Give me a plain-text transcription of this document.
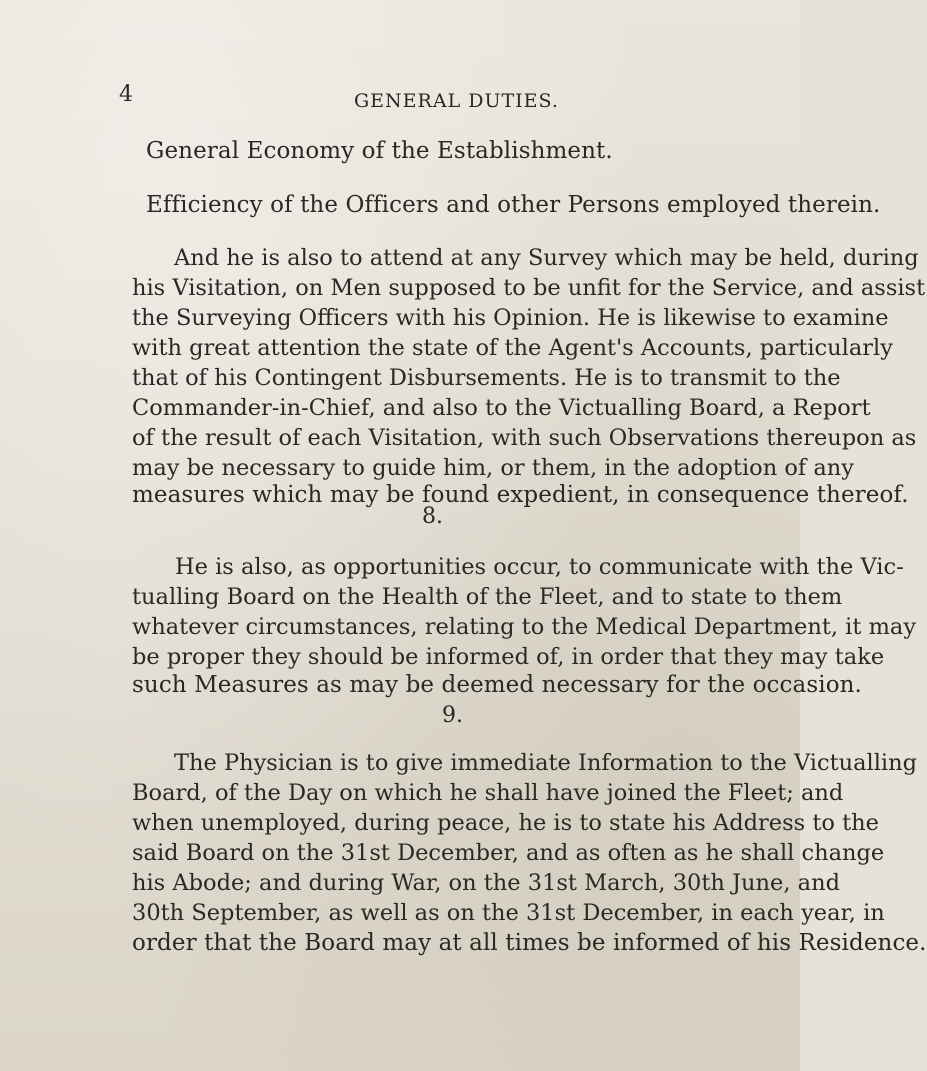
4	GENERAL DUTIES.
General Economy of the Establishment.
Efficiency of the Officers and other Persons employed therein.
And he is also to attend at any Survey which may be held, during
his Visitation, on Men supposed to be unfit for the Service, and assist
the Surveying Officers with his Opinion. He is likewise to examine
with great attention the state of the Agent's Accounts, particularly
that of his Contingent Disbursements. He is to transmit to the
Commander-in-Chief, and also to the Victualling Board, a Report
of the result of each Visitation, with such Observations thereupon as
may be necessary to guide him, or them, in the adoption of any
measures which may be found expedient, in consequence thereof.
8.
He is also, as opportunities occur, to communicate with the Vic-
tualling Board on the Health of the Fleet, and to state to them
whatever circumstances, relating to the Medical Department, it may
be proper they should be informed of, in order that they may take
such Measures as may be deemed necessary for the occasion.
9.
The Physician is to give immediate Information to the Victualling
Board, of the Day on which he shall have joined the Fleet; and
when unemployed, during peace, he is to state his Address to the
said Board on the 31st December, and as often as he shall change
his Abode; and during War, on the 31st March, 30th June, and
30th September, as well as on the 31st December, in each year, in
order that the Board may at all times be informed of his Residence.
